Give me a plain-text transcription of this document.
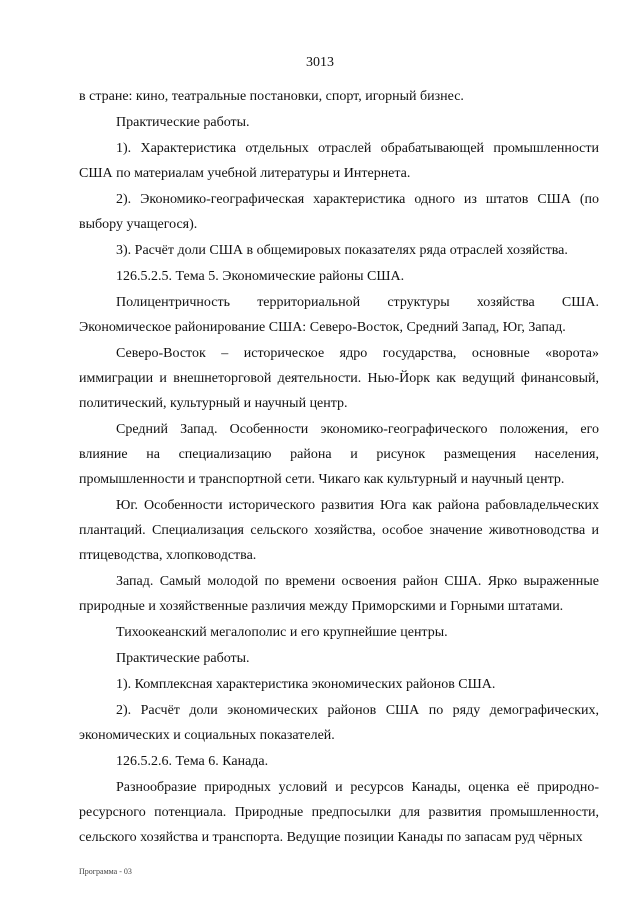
3013

в стране: кино, театральные постановки, спорт, игорный бизнес.

Практические работы.

1). Характеристика отдельных отраслей обрабатывающей промышленности США по материалам учебной литературы и Интернета.

2). Экономико-географическая характеристика одного из штатов США (по выбору учащегося).

3). Расчёт доли США в общемировых показателях ряда отраслей хозяйства.

126.5.2.5. Тема 5. Экономические районы США.

Полицентричность территориальной структуры хозяйства США. Экономическое районирование США: Северо-Восток, Средний Запад, Юг, Запад.

Северо-Восток – историческое ядро государства, основные «ворота» иммиграции и внешнеторговой деятельности. Нью-Йорк как ведущий финансовый, политический, культурный и научный центр.

Средний Запад. Особенности экономико-географического положения, его влияние на специализацию района и рисунок размещения населения, промышленности и транспортной сети. Чикаго как культурный и научный центр.

Юг. Особенности исторического развития Юга как района рабовладельческих плантаций. Специализация сельского хозяйства, особое значение животноводства и птицеводства, хлопководства.

Запад. Самый молодой по времени освоения район США. Ярко выраженные природные и хозяйственные различия между Приморскими и Горными штатами.

Тихоокеанский мегалополис и его крупнейшие центры.

Практические работы.

1). Комплексная характеристика экономических районов США.

2). Расчёт доли экономических районов США по ряду демографических, экономических и социальных показателей.

126.5.2.6. Тема 6. Канада.

Разнообразие природных условий и ресурсов Канады, оценка её природно-ресурсного потенциала. Природные предпосылки для развития промышленности, сельского хозяйства и транспорта. Ведущие позиции Канады по запасам руд чёрных

Программа - 03
